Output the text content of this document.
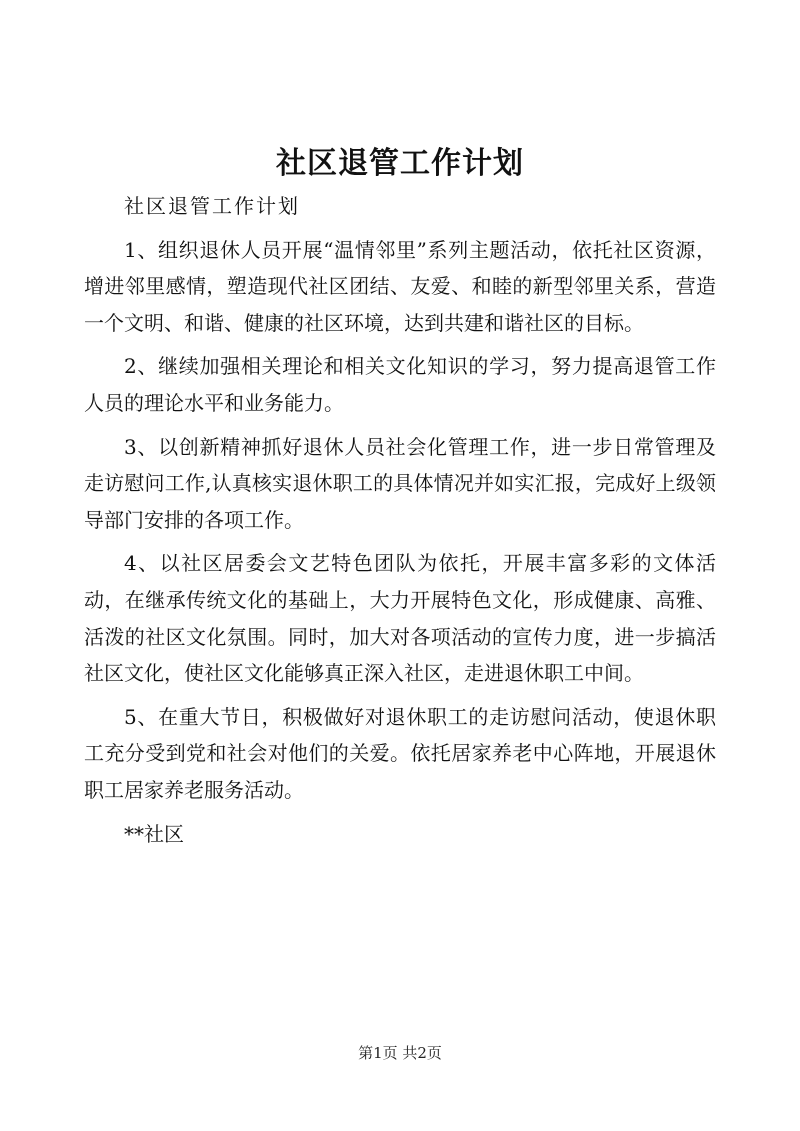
社区退管工作计划

社区退管工作计划

1、组织退休人员开展“温情邻里”系列主题活动，依托社区资源，增进邻里感情，塑造现代社区团结、友爱、和睦的新型邻里关系，营造一个文明、和谐、健康的社区环境，达到共建和谐社区的目标。

2、继续加强相关理论和相关文化知识的学习，努力提高退管工作人员的理论水平和业务能力。

3、以创新精神抓好退休人员社会化管理工作，进一步日常管理及走访慰问工作,认真核实退休职工的具体情况并如实汇报，完成好上级领导部门安排的各项工作。

4、以社区居委会文艺特色团队为依托，开展丰富多彩的文体活动，在继承传统文化的基础上，大力开展特色文化，形成健康、高雅、活泼的社区文化氛围。同时，加大对各项活动的宣传力度，进一步搞活社区文化，使社区文化能够真正深入社区，走进退休职工中间。

5、在重大节日，积极做好对退休职工的走访慰问活动，使退休职工充分受到党和社会对他们的关爱。依托居家养老中心阵地，开展退休职工居家养老服务活动。

**社区

第1页 共2页
